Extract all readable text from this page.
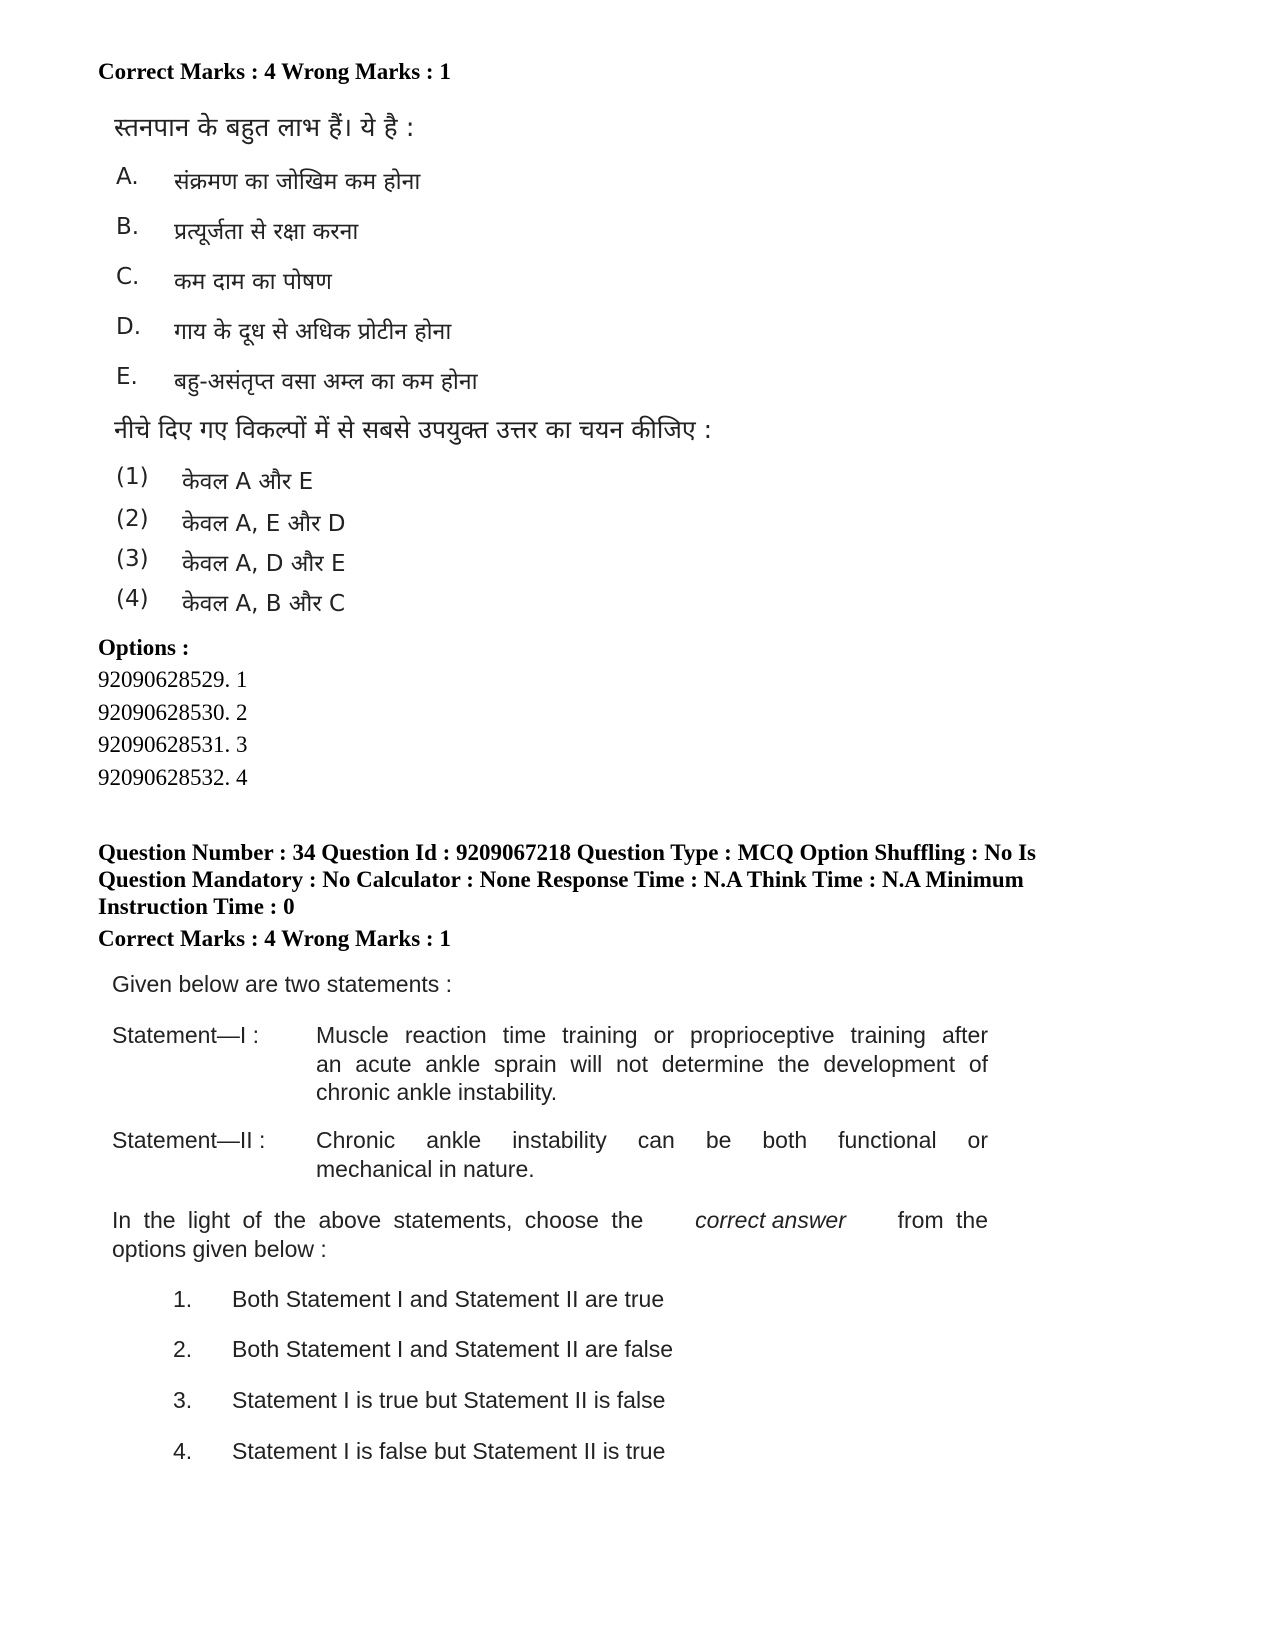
Correct Marks : 4 Wrong Marks : 1
स्तनपान के बहुत लाभ हैं। ये है :
A.	संक्रमण का जोखिम कम होना
B.	प्रत्यूर्जता से रक्षा करना
C.	कम दाम का पोषण
D.	गाय के दूध से अधिक प्रोटीन होना
E.	बहु-असंतृप्त वसा अम्ल का कम होना
नीचे दिए गए विकल्पों में से सबसे उपयुक्त उत्तर का चयन कीजिए :
(1) केवल A और E
(2) केवल A, E और D
(3) केवल A, D और E
(4) केवल A, B और C
Options :
92090628529. 1
92090628530. 2
92090628531. 3
92090628532. 4
Question Number : 34 Question Id : 9209067218 Question Type : MCQ Option Shuffling : No Is
Question Mandatory : No Calculator : None Response Time : N.A Think Time : N.A Minimum
Instruction Time : 0
Correct Marks : 4 Wrong Marks : 1
Given below are two statements :
Statement—I : Muscle reaction time training or proprioceptive training after
an acute ankle sprain will not determine the development of
chronic ankle instability.
Statement—II : Chronic ankle instability can be both functional or
mechanical in nature.
In the light of the above statements, choose the correct answer from the
options given below :
1. Both Statement I and Statement II are true
2. Both Statement I and Statement II are false
3. Statement I is true but Statement II is false
4. Statement I is false but Statement II is true
